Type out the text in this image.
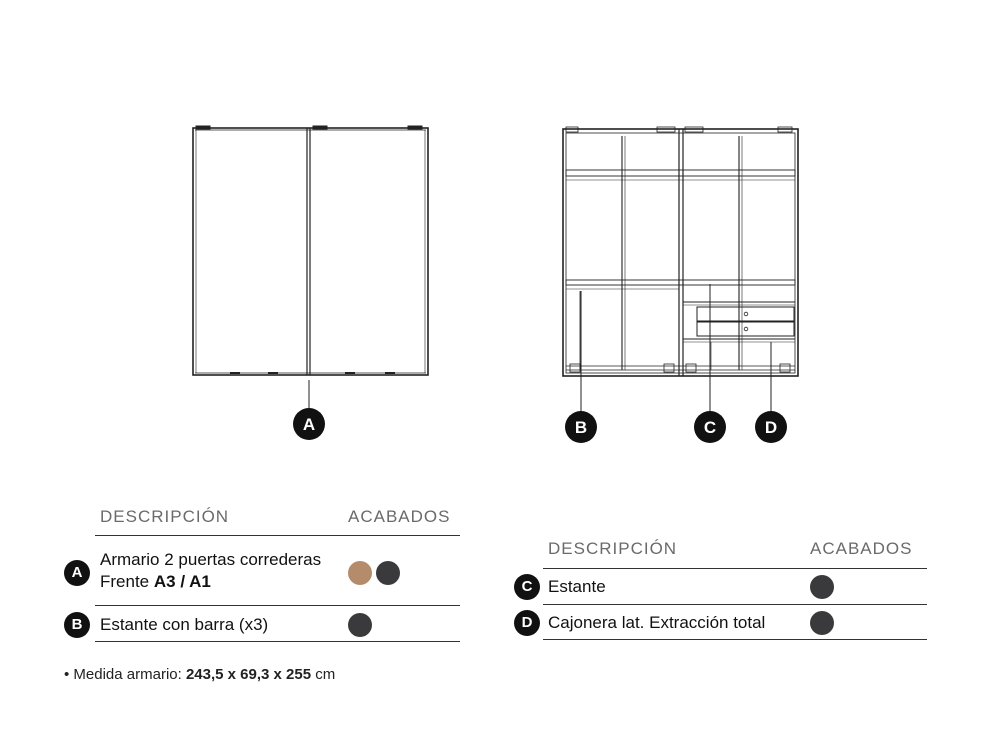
A	B	C	D
DESCRIPCIÓN	ACABADOS
A
Armario 2 puertas correderas
Frente A3 / A1
B	Estante con barra (x3)
DESCRIPCIÓN	ACABADOS
C Estante
D Cajonera lat. Extracción total
• Medida armario: 243,5 x 69,3 x 255 cm
